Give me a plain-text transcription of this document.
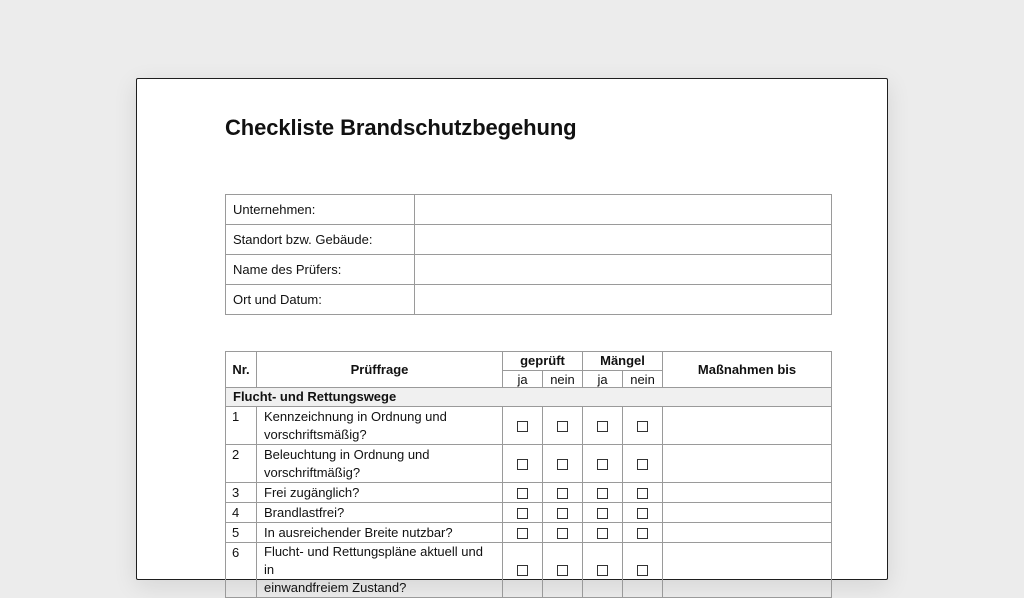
Checkliste Brandschutzbegehung
Unternehmen:	
Standort bzw. Gebäude:	
Name des Prüfers:	
Ort und Datum:	
Nr.	Prüffrage	geprüft		Mängel		Maßnahmen bis
		ja	nein	ja	nein	
Flucht- und Rettungswege						
1	Kennzeichnung in Ordnung und
vorschriftsmäßig?					
2	Beleuchtung in Ordnung und
vorschriftmäßig?					
3	Frei zugänglich?					
4	Brandlastfrei?					
5	In ausreichender Breite nutzbar?					
6	Flucht- und Rettungspläne aktuell und in
einwandfreiem Zustand?					
